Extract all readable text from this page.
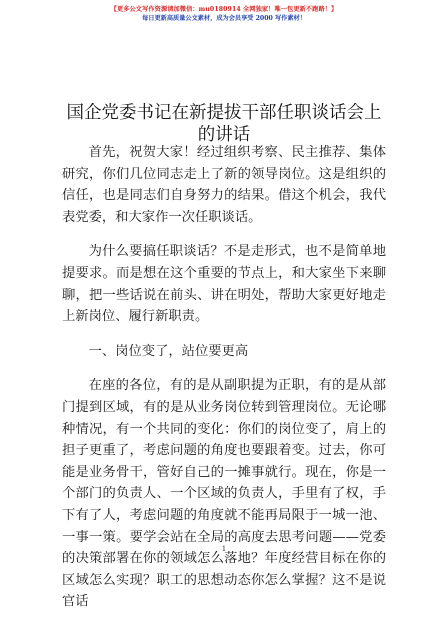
【更多公文写作资源请加微信：mu0180914 全网独家！唯一包更新不跑路！】
每日更新高质量公文素材，成为会员享受 2000 写作素材！
国企党委书记在新提拔干部任职谈话会上的讲话

首先，祝贺大家！经过组织考察、民主推荐、集体研究，你们几位同志走上了新的领导岗位。这是组织的信任，也是同志们自身努力的结果。借这个机会，我代表党委，和大家作一次任职谈话。

为什么要搞任职谈话？不是走形式，也不是简单地提要求。而是想在这个重要的节点上，和大家坐下来聊聊，把一些话说在前头、讲在明处，帮助大家更好地走上新岗位、履行新职责。

一、岗位变了，站位要更高

在座的各位，有的是从副职提为正职，有的是从部门提到区域，有的是从业务岗位转到管理岗位。无论哪种情况，有一个共同的变化：你们的岗位变了，肩上的担子更重了，考虑问题的角度也要跟着变。过去，你可能是业务骨干，管好自己的一摊事就行。现在，你是一个部门的负责人、一个区域的负责人，手里有了权，手下有了人，考虑问题的角度就不能再局限于一城一池、一事一策。要学会站在全局的高度去思考问题——党委的决策部署在你的领域怎么落地？年度经营目标在你的区域怎么实现？职工的思想动态你怎么掌握？这不是说官话

1
